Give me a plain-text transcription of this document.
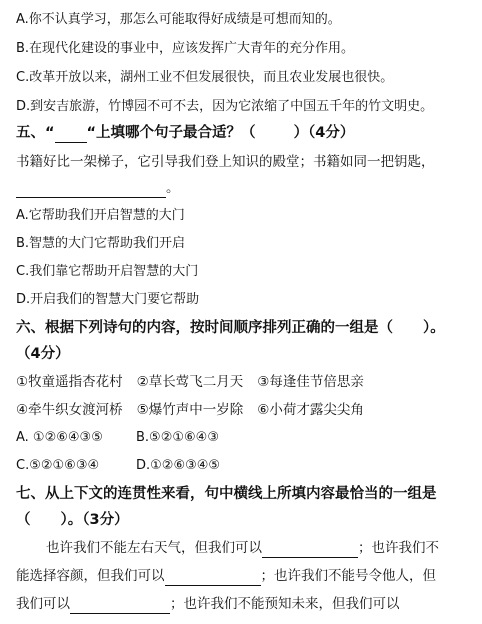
A.你不认真学习，那怎么可能取得好成绩是可想而知的。
B.在现代化建设的事业中，应该发挥广大青年的充分作用。
C.改革开放以来，湖州工业不但发展很快，而且农业发展也很快。
D.到安吉旅游，竹博园不可不去，因为它浓缩了中国五千年的竹文明史。
五、“ “上填哪个句子最合适？（	）（4分）
书籍好比一架梯子，它引导我们登上知识的殿堂；书籍如同一把钥匙，
。
A.它帮助我们开启智慧的大门
B.智慧的大门它帮助我们开启
C.我们靠它帮助开启智慧的大门
D.开启我们的智慧大门要它帮助
六、根据下列诗句的内容，按时间顺序排列正确的一组是（ ）。
（4分）
①牧童遥指杏花村 ②草长莺飞二月天 ③每逢佳节倍思亲
④牵牛织女渡河桥 ⑤爆竹声中一岁除 ⑥小荷才露尖尖角
A. ①②⑥④③⑤	B.⑤②①⑥④③
C.⑤②①⑥③④	D.①②⑥③④⑤
七、从上下文的连贯性来看，句中横线上所填内容最恰当的一组是
（ ）。（3分）
也许我们不能左右天气，但我们可以	；也许我们不
能选择容颜，但我们可以	；也许我们不能号令他人，但
我们可以	；也许我们不能预知未来，但我们可以
